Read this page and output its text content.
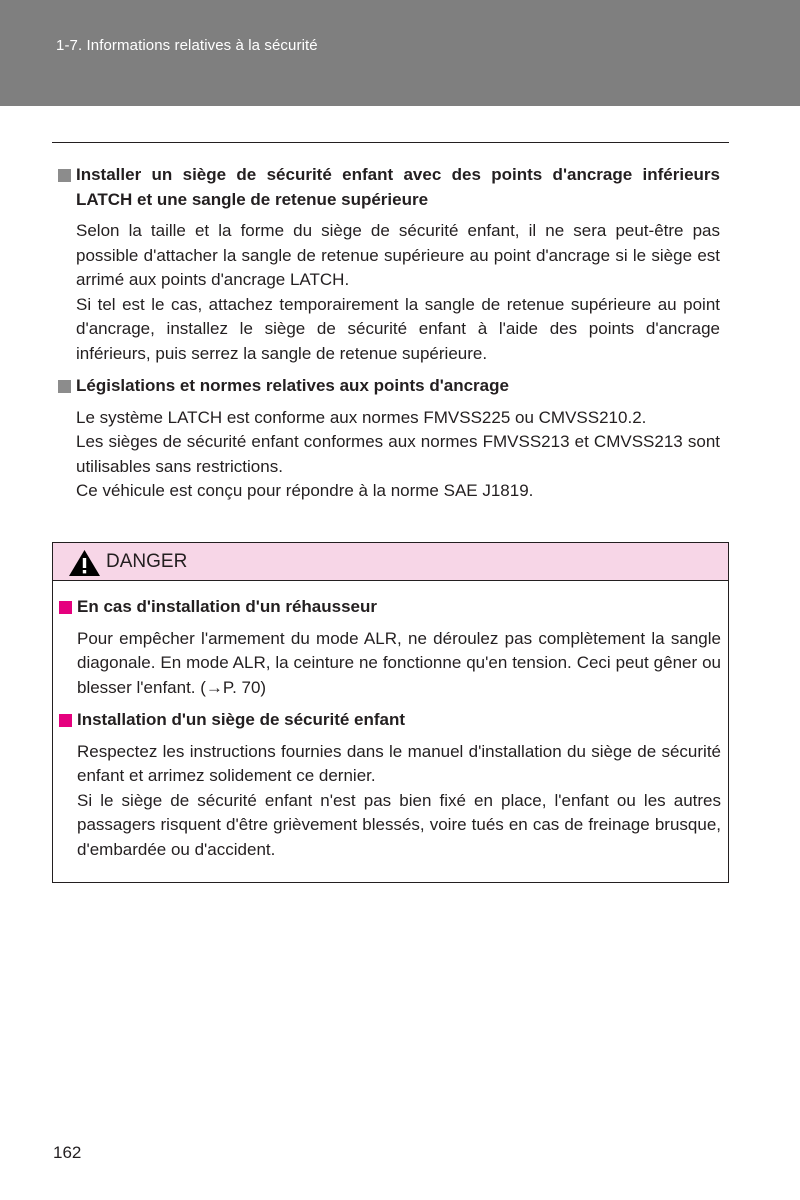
1-7. Informations relatives à la sécurité
Installer un siège de sécurité enfant avec des points d'ancrage inférieurs LATCH et une sangle de retenue supérieure
Selon la taille et la forme du siège de sécurité enfant, il ne sera peut-être pas possible d'attacher la sangle de retenue supérieure au point d'ancrage si le siège est arrimé aux points d'ancrage LATCH.
Si tel est le cas, attachez temporairement la sangle de retenue supérieure au point d'ancrage, installez le siège de sécurité enfant à l'aide des points d'ancrage inférieurs, puis serrez la sangle de retenue supérieure.
Législations et normes relatives aux points d'ancrage
Le système LATCH est conforme aux normes FMVSS225 ou CMVSS210.2.
Les sièges de sécurité enfant conformes aux normes FMVSS213 et CMVSS213 sont utilisables sans restrictions.
Ce véhicule est conçu pour répondre à la norme SAE J1819.
DANGER
En cas d'installation d'un réhausseur
Pour empêcher l'armement du mode ALR, ne déroulez pas complètement la sangle diagonale. En mode ALR, la ceinture ne fonctionne qu'en tension. Ceci peut gêner ou blesser l'enfant. (→P. 70)
Installation d'un siège de sécurité enfant
Respectez les instructions fournies dans le manuel d'installation du siège de sécurité enfant et arrimez solidement ce dernier.
Si le siège de sécurité enfant n'est pas bien fixé en place, l'enfant ou les autres passagers risquent d'être grièvement blessés, voire tués en cas de freinage brusque, d'embardée ou d'accident.
162
